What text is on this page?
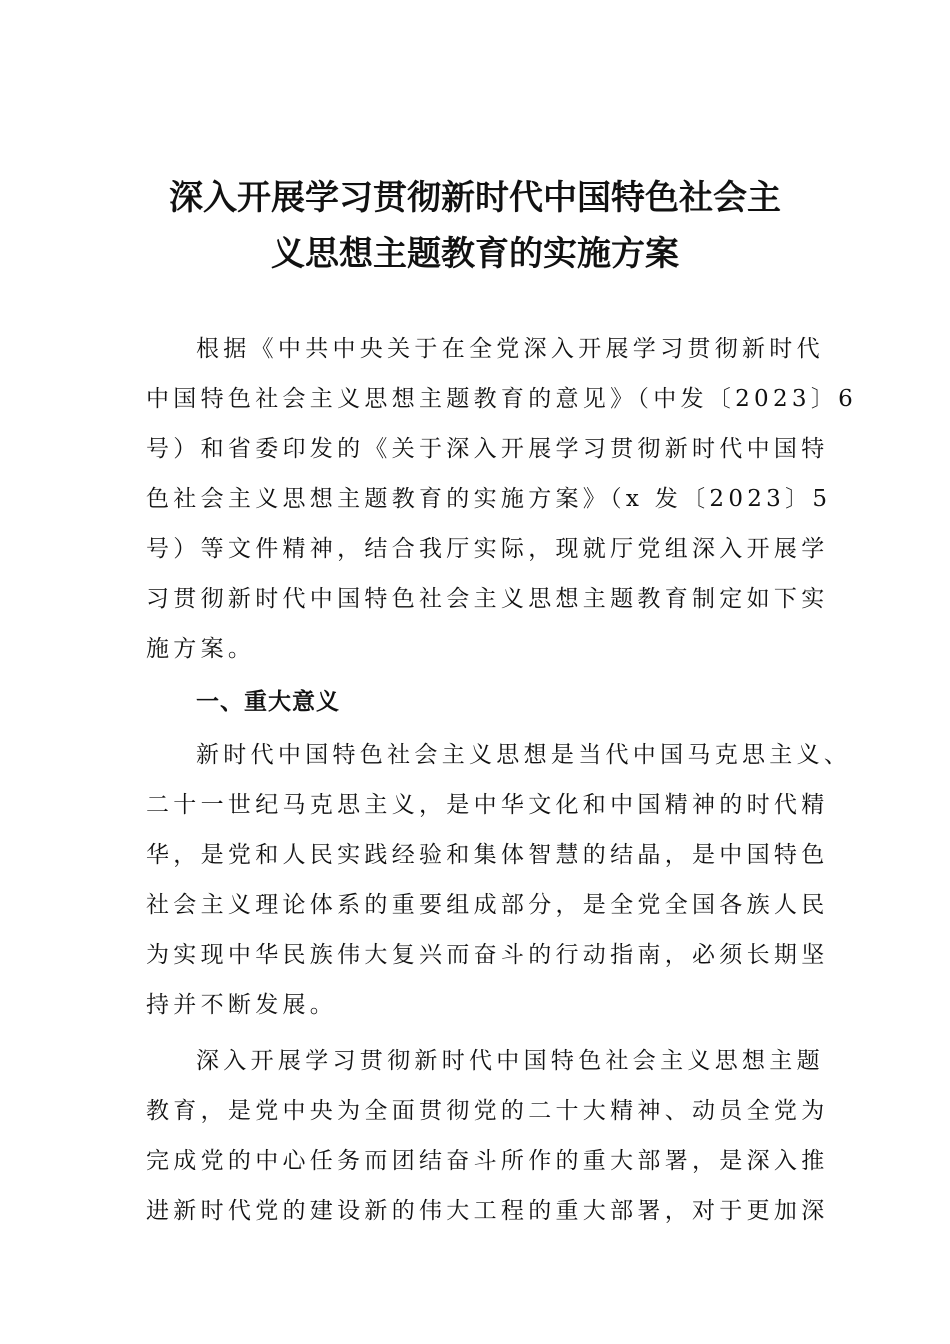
深入开展学习贯彻新时代中国特色社会主
义思想主题教育的实施方案
根据《中共中央关于在全党深入开展学习贯彻新时代
中国特色社会主义思想主题教育的意见》（中发〔2023〕6
号）和省委印发的《关于深入开展学习贯彻新时代中国特
色社会主义思想主题教育的实施方案》（x 发〔2023〕5
号）等文件精神，结合我厅实际，现就厅党组深入开展学
习贯彻新时代中国特色社会主义思想主题教育制定如下实
施方案。
一、重大意义
新时代中国特色社会主义思想是当代中国马克思主义、
二十一世纪马克思主义，是中华文化和中国精神的时代精
华，是党和人民实践经验和集体智慧的结晶，是中国特色
社会主义理论体系的重要组成部分，是全党全国各族人民
为实现中华民族伟大复兴而奋斗的行动指南，必须长期坚
持并不断发展。
深入开展学习贯彻新时代中国特色社会主义思想主题
教育，是党中央为全面贯彻党的二十大精神、动员全党为
完成党的中心任务而团结奋斗所作的重大部署，是深入推
进新时代党的建设新的伟大工程的重大部署，对于更加深
